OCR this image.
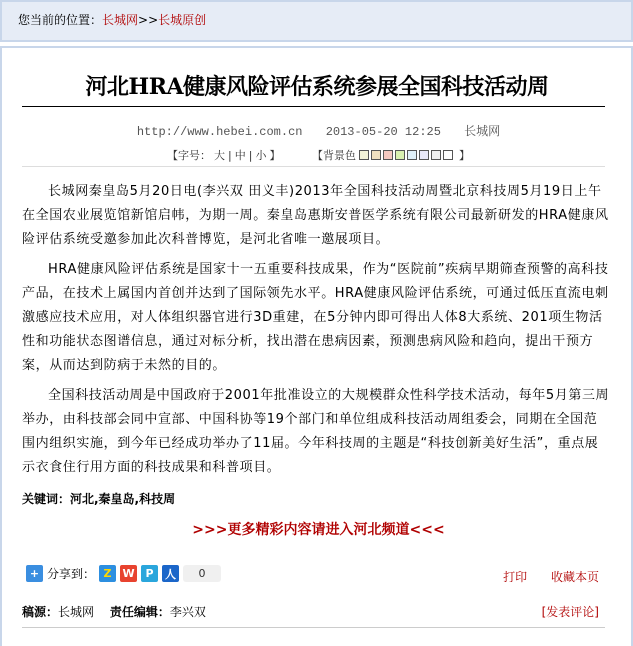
您当前的位置：长城网>>长城原创
河北HRA健康风险评估系统参展全国科技活动周
http://www.hebei.com.cn 2013-05-20 12:25 长城网
【字号： 大 | 中 | 小 】	【背景色	】

长城网秦皇岛5月20日电(李兴双 田义丰)2013年全国科技活动周暨北京科技周5月19日上午在全国农业展览馆新馆启帏，为期一周。秦皇岛惠斯安普医学系统有限公司最新研发的HRA健康风险评估系统受邀参加此次科普博览，是河北省唯一邀展项目。

HRA健康风险评估系统是国家十一五重要科技成果，作为“医院前”疾病早期筛查预警的高科技产品，在技术上属国内首创并达到了国际领先水平。HRA健康风险评估系统，可通过低压直流电刺激感应技术应用，对人体组织器官进行3D重建，在5分钟内即可得出人体8大系统、201项生物活性和功能状态图谱信息，通过对标分析，找出潜在患病因素，预测患病风险和趋向，提出干预方案，从而达到防病于未然的目的。

全国科技活动周是中国政府于2001年批准设立的大规模群众性科学技术活动，每年5月第三周举办，由科技部会同中宣部、中国科协等19个部门和单位组成科技活动周组委会，同期在全国范围内组织实施，到今年已经成功举办了11届。今年科技周的主题是“科技创新美好生活”，重点展示衣食住行用方面的科技成果和科普项目。

关键词：河北,秦皇岛,科技周
>>>更多精彩内容请进入河北频道<<<
+ 分享到： Z W P	人	0	打印 收藏本页
稿源：长城网 责任编辑：李兴双	[发表评论]
